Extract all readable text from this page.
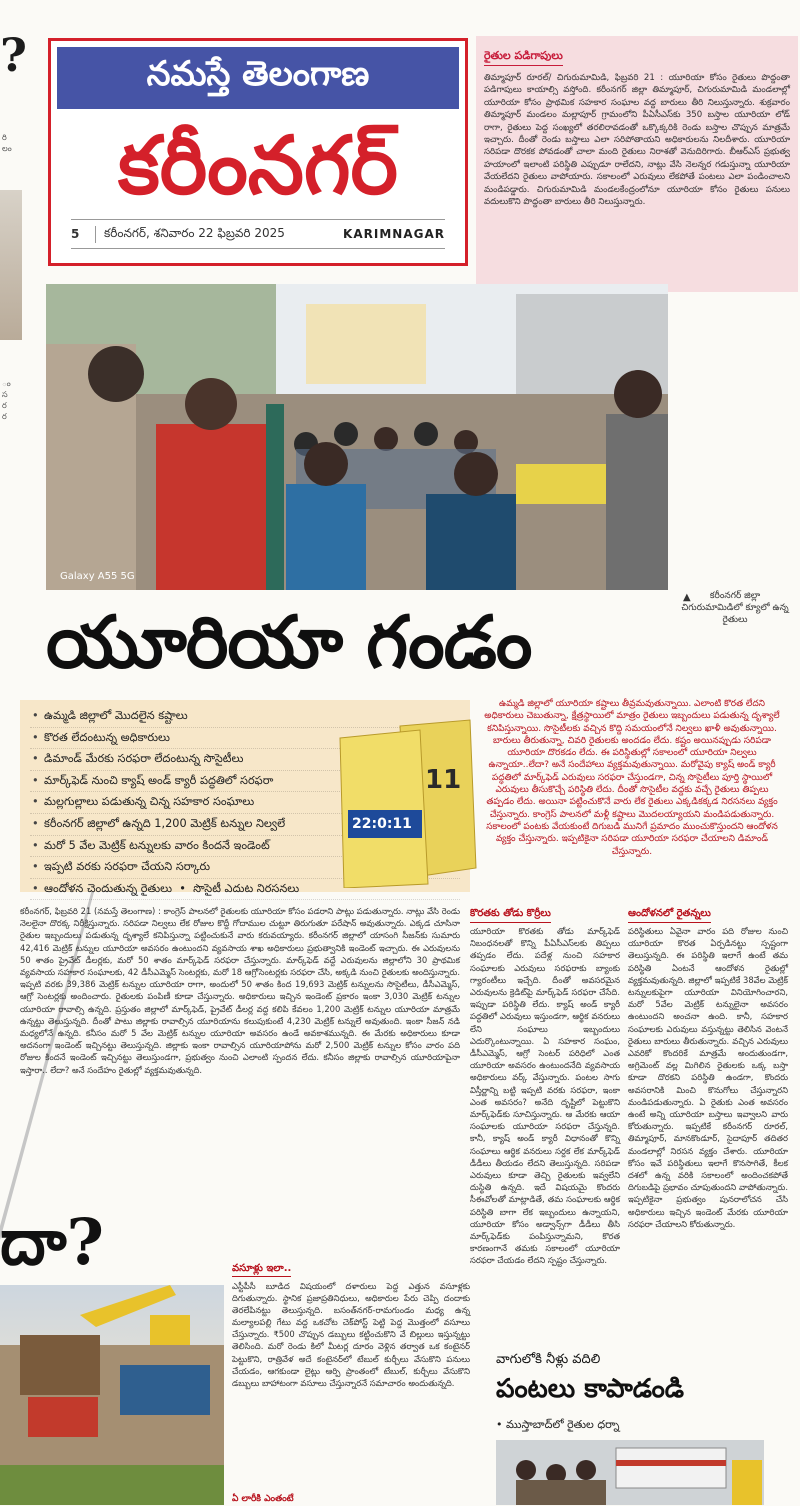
?
రి
లం
ం
స
ర
ర
నమస్తే తెలంగాణ
కరీంనగర్
5	కరీంనగర్, శనివారం 22 ఫిబ్రవరి 2025	KARIMNAGAR
రైతుల పడిగాపులు
తిమ్మాపూర్ రూరల్/ చిగురుమామిడి, ఫిబ్రవరి 21 : యూరియా కోసం రైతులు పొద్దంతా పడిగాపులు కాయాల్సి వస్తోంది. కరీంనగర్ జిల్లా తిమ్మాపూర్, చిగురుమామిడి మండలాల్లో యూరియా కోసం ప్రాథమిక సహకార సంఘాల వద్ద బారులు తీరి నిలుస్తున్నారు. శుక్రవారం తిమ్మాపూర్ మండలం మల్లాపూర్ గ్రామంలోని పీఏసీఎస్‌కు 350 బస్తాల యూరియా లోడ్ రాగా, రైతులు పెద్ద సంఖ్యలో తరలిరావడంతో ఒక్కొక్కరికి రెండు బస్తాల చొప్పున మాత్రమే ఇచ్చారు. దీంతో రెండు బస్తాలు ఎలా సరిపోతాయని అధికారులను నిలదీశారు. యూరియా సరిపడా దొరకక పోవడంతో చాలా మంది రైతులు నిరాశతో వెనుదిరిగారు. బీఆర్ఎస్ ప్రభుత్వ హయాంలో ఇలాంటి పరిస్థితి ఎప్పుడూ రాలేదని, నాట్లు వేసి నెలన్నర గడుస్తున్నా యూరియా వేయలేదని రైతులు వాపోయారు. సకాలంలో ఎరువులు లేకపోతే పంటలు ఎలా పండించాలని మండిపడ్డారు. చిగురుమామిడి మండలకేంద్రంలోనూ యూరియా కోసం రైతులు పనులు వదులుకొని పొద్దంతా బారులు తీరి నిలుస్తున్నారు.
Galaxy A55 5G
▲	కరీంనగర్ జిల్లా చిగురుమామిడిలో క్యూలో ఉన్న రైతులు
యూరియా గండం
• ఉమ్మడి జిల్లాలో మొదలైన కష్టాలు
• కొరత లేదంటున్న అధికారులు
• డిమాండ్ మేరకు సరఫరా లేదంటున్న సొసైటీలు
• మార్క్‌ఫెడ్ నుంచి క్యాష్ అండ్ క్యారీ పద్ధతిలో సరఫరా
• మల్లగుల్లాలు పడుతున్న చిన్న సహకార సంఘాలు
• కరీంనగర్ జిల్లాలో ఉన్నది 1,200 మెట్రిక్ టన్నుల నిల్వలే
• మరో 5 వేల మెట్రిక్ టన్నులకు వారం కిందనే ఇండెంట్
• ఇప్పటి వరకు సరఫరా చేయని సర్కారు
• ఆందోళన చెందుతున్న రైతులు  •  సొసైటీ ఎదుట నిరసనలు
11
22:0:11
ఉమ్మడి జిల్లాలో యూరియా కష్టాలు తీవ్రమవుతున్నాయి. ఎలాంటి కొరత లేదని అధికారులు చెబుతున్నా, క్షేత్రస్థాయిలో మాత్రం రైతులు ఇబ్బందులు పడుతున్న దృశ్యాలే కనిపిస్తున్నాయి. సొసైటీలకు వచ్చిన కొద్ది సమయంలోనే నిల్వలు ఖాళీ అవుతున్నాయి. బారులు తీరుతున్నా, చివరి రైతులకు అందడం లేదు. కష్టం అయినప్పుడు సరిపడా యూరియా దొరకడం లేదు. ఈ పరిస్థితుల్లో సకాలంలో యూరియా నిల్వలు ఉన్నాయా..లేదా? అనే సందేహాలు వ్యక్తమవుతున్నాయి. మరోవైపు క్యాష్ అండ్ క్యారీ పద్ధతిలో మార్క్‌ఫెడ్ ఎరువులు సరఫరా చేస్తుండగా, చిన్న సొసైటీలు పూర్తి స్థాయిలో ఎరువులు తీసుకొచ్చే పరిస్థితి లేదు. దీంతో సొసైటీల వద్దకు వచ్చే రైతులు తిప్పలు తప్పడం లేదు. అయినా పట్టించుకొనే వారు లేక రైతులు ఎక్కడికక్కడ నిరసనలు వ్యక్తం చేస్తున్నారు. కాంగ్రెస్ పాలనలో మళ్లీ కష్టాలు మొదలయ్యాయని మండిపడుతున్నారు. సకాలంలో పంటకు వేయకుంటే దిగుబడి మునిగే ప్రమాదం ముంచుకొస్తుందని ఆందోళన వ్యక్తం చేస్తున్నారు. ఇప్పటికైనా సరిపడా యూరియా సరఫరా చేయాలని డిమాండ్ చేస్తున్నారు.
కరీంనగర్, ఫిబ్రవరి 21 (నమస్తే తెలంగాణ) : కాంగ్రెస్ పాలనలో రైతులకు యూరియా కోసం పడరాని పాట్లు పడుతున్నారు. నాట్లు వేసి రెండు నెలలైనా దొరక్క నిరీక్షిస్తున్నారు. సరిపడా నిల్వలు లేక రోజుల కొద్దీ గోదాముల చుట్టూ తిరుగుతూ పరేషాన్ అవుతున్నారు. ఎక్కడ చూసినా రైతుల ఇబ్బందులు పడుతున్న దృశ్యాలే కనిపిస్తున్నా పట్టించుకునే వారు కరువయ్యారు. కరీంనగర్ జిల్లాలో యాసంగి సీజన్‌కు సుమారు 42,416 మెట్రిక్ టన్నుల యూరియా అవసరం ఉంటుందని వ్యవసాయ శాఖ అధికారులు ప్రభుత్వానికి ఇండెంట్ ఇచ్చారు. ఈ ఎరువులను 50 శాతం ప్రైవేట్ డీలర్లకు, మరో 50 శాతం మార్క్‌ఫెడ్ సరఫరా చేస్తున్నారు. మార్క్‌ఫెడ్ వద్దే ఎరువులను జిల్లాలోని 30 ప్రాథమిక వ్యవసాయ సహకార సంఘాలకు, 42 డీసీఎమ్మెస్ సెంటర్లకు, మరో 18 ఆగ్రోసెంటర్లకు సరఫరా చేసి, అక్కడి నుంచి రైతులకు అందిస్తున్నారు. ఇప్పటి వరకు 39,386 మెట్రిక్ టన్నుల యూరియా రాగా, అందులో 50 శాతం కింద 19,693 మెట్రిక్ టన్నులను సొసైటీలు, డీసీఎమ్మెస్, ఆగ్రో సెంటర్లకు అందించారు. రైతులకు పంపిణీ కూడా చేస్తున్నారు. అధికారులు ఇచ్చిన ఇండెంట్ ప్రకారం ఇంకా 3,030 మెట్రిక్ టన్నుల యూరియా రావాల్సి ఉన్నది. ప్రస్తుతం జిల్లాలో మార్క్‌ఫెడ్, ప్రైవేట్ డీలర్ల వద్ద కలిపి కేవలం 1,200 మెట్రిక్ టన్నుల యూరియా మాత్రమే ఉన్నట్టు తెలుస్తున్నది. దీంతో పాటు జిల్లాకు రావాల్సిన యూరియాను కలుపుకుంటే 4,230 మెట్రిక్ టన్నులే అవుతుంది. ఇంకా సీజన్ నడి మధ్యలోనే ఉన్నది. కనీసం మరో 5 వేల మెట్రిక్ టన్నుల యూరియా అవసరం ఉండే అవకాశమున్నది. ఈ మేరకు అధికారులు కూడా అదనంగా ఇండెంట్ ఇచ్చినట్టు తెలుస్తున్నది. జిల్లాకు ఇంకా రావాల్సిన యూరియాపోను మరో 2,500 మెట్రిక్ టన్నుల కోసం వారం పది రోజుల కిందనే ఇండెంట్ ఇచ్చినట్టు తెలుస్తుండగా, ప్రభుత్వం నుంచి ఎలాంటి స్పందన లేదు. కనీసం జిల్లాకు రావాల్సిన యూరియాపైనా ఇస్తారా.. లేదా? అనే సందేహం రైతుల్లో వ్యక్తమవుతున్నది.
కొరతకు తోడు కొర్రీలు
యూరియా కొరతకు తోడు మార్క్‌ఫెడ్ నిబంధనలతో కొన్ని పీఏసీఎస్‌లకు తిప్పలు తప్పడం లేదు. పదేళ్ల నుంచి సహకార సంఘాలకు ఎరువులు సరఫరాకు బ్యాంకు గ్యారంటీలు ఇచ్చేది. దీంతో అవసరమైన ఎరువులను క్రెడిట్‌పై మార్క్‌ఫెడ్ సరఫరా చేసేది. ఇప్పుడా పరిస్థితి లేదు. క్యాష్ అండ్ క్యారీ పద్ధతిలో ఎరువులు ఇస్తుండగా, ఆర్థిక వనరులు లేని సంఘాలు ఇబ్బందులు ఎదుర్కొంటున్నాయి. ఏ సహకార సంఘం, డీసీఎమ్మెస్, ఆగ్రో సెంటర్ పరిధిలో ఎంత యూరియా అవసరం ఉంటుందనేది వ్యవసాయ అధికారులు వర్క్ వేస్తున్నారు. పంటల సాగు విస్తీర్ణాన్ని బట్టి ఇప్పటి వరకు సరఫరా, ఇంకా ఎంత అవసరం? అనేది దృష్టిలో పెట్టుకొని మార్క్‌ఫెడ్‌కు సూచిస్తున్నారు. ఆ మేరకు ఆయా సంఘాలకు యూరియా సరఫరా చేస్తున్నది. కానీ, క్యాష్ అండ్ క్యారీ విధానంతో కొన్ని సంఘాలు ఆర్థిక వనరులు సర్దక లేక మార్క్‌ఫెడ్ డీడీలు తీయడం లేదని తెలుస్తున్నది. సరిపడా ఎరువులు కూడా తెచ్చి రైతులకు ఇవ్వలేని దుస్థితి ఉన్నది. ఇదే విషయమై కొందరు సీఈవోలతో మాట్లాడితే, తమ సంఘాలకు ఆర్థిక పరిస్థితి బాగా లేక ఇబ్బందులు ఉన్నాయని, యూరియా కోసం అడ్వాన్స్‌గా డీడీలు తీసి మార్క్‌ఫెడ్‌కు పంపిస్తున్నామని, కొరత కారణంగానే తమకు సకాలంలో యూరియా సరఫరా చేయడం లేదని స్పష్టం చేస్తున్నారు.
ఆందోళనలో రైతన్నలు
పరిస్థితులు ఏవైనా వారం పది రోజుల నుంచి యూరియా కొరత ఏర్పడినట్టు స్పష్టంగా తెలుస్తున్నది. ఈ పరిస్థితి ఇలాగే ఉంటే తమ పరిస్థితి ఏంటనే ఆందోళన రైతుల్లో వ్యక్తమవుతున్నది. జిల్లాలో ఇప్పటికే 38వేల మెట్రిక్ టన్నులకుపైగా యూరియా వినియోగించారని, మరో 5వేల మెట్రిక్ టన్నులైనా అవసరం ఉంటుందని అంచనా ఉంది. కానీ, సహకార సంఘాలకు ఎరువులు వస్తున్నట్టు తెలిసిన వెంటనే రైతులు బారులు తీరుతున్నారు. వచ్చిన ఎరువులు ఎవరికో కొందరికే మాత్రమే అందుతుండగా, అగ్రిమెంట్ వల్ల మిగిలిన రైతులకు ఒక్క బస్తా కూడా దొరకని పరిస్థితి ఉండగా, కొందరు అవసరానికి మించి కొనుగోలు చేస్తున్నారని మండిపడుతున్నారు. ఏ రైతుకు ఎంత అవసరం ఉంటే అన్ని యూరియా బస్తాలు ఇవ్వాలని వారు కోరుతున్నారు. ఇప్పటికే కరీంనగర్ రూరల్, తిమ్మాపూర్, మానకొండూర్, సైదాపూర్ తదితర మండలాల్లో నిరసన వ్యక్తం చేశారు. యూరియా కోసం ఇవే పరిస్థితులు ఇలాగే కొనసాగితే, కీలక దశలో ఉన్న వరికి సకాలంలో అందించకపోతే దిగుబడిపై ప్రభావం చూపుతుందని వాపోతున్నారు. ఇప్పటికైనా ప్రభుత్వం పునరాలోచన చేసి అధికారులు ఇచ్చిన ఇండెంట్ మేరకు యూరియా సరఫరా చేయాలని కోరుతున్నారు.
దా?	వసూళ్లు ఇలా..
ఎస్టీపీసీ బూడిద విషయంలో దళారులు పెద్ద ఎత్తున వసూళ్లకు దిగుతున్నారు. స్థానిక ప్రజాప్రతినిధులు, అధికారుల పేరు చెప్పి దందాకు తెరలేపినట్టు తెలుస్తున్నది. బసంత్‌నగర్-రామగుండం మధ్య ఉన్న మల్యాలపల్లి గేటు వద్ద ఒకచోట చెక్‌పోస్ట్ పెట్టి పెద్ద మొత్తంలో వసూలు చేస్తున్నారు. ₹500 చొప్పున డబ్బులు కట్టించుకొని వే బిల్లులు ఇస్తున్నట్టు తెలిసింది. మరో రెండు కిలో మీటర్ల దూరం వెళ్లిన తర్వాత ఒక కంటైనర్ పెట్టుకొని, రాత్రివేళ అదే కంటైనర్‌లో టేబుల్ కుర్చీలు వేసుకొని పనులు చేయడం, ఆగకుండా లైట్లు ఆర్పి ప్రాంతంలో టేబుల్, కుర్చీలు వేసుకొని డబ్బులు బాహాటంగా వసూలు చేస్తున్నారనే సమాచారం అందుతున్నది.
ఏ లారీకి ఎంతంటే
వాగులోకి నీళ్లు వదిలి
పంటలు కాపాడండి
• ముస్తాబాద్‌లో రైతుల ధర్నా
